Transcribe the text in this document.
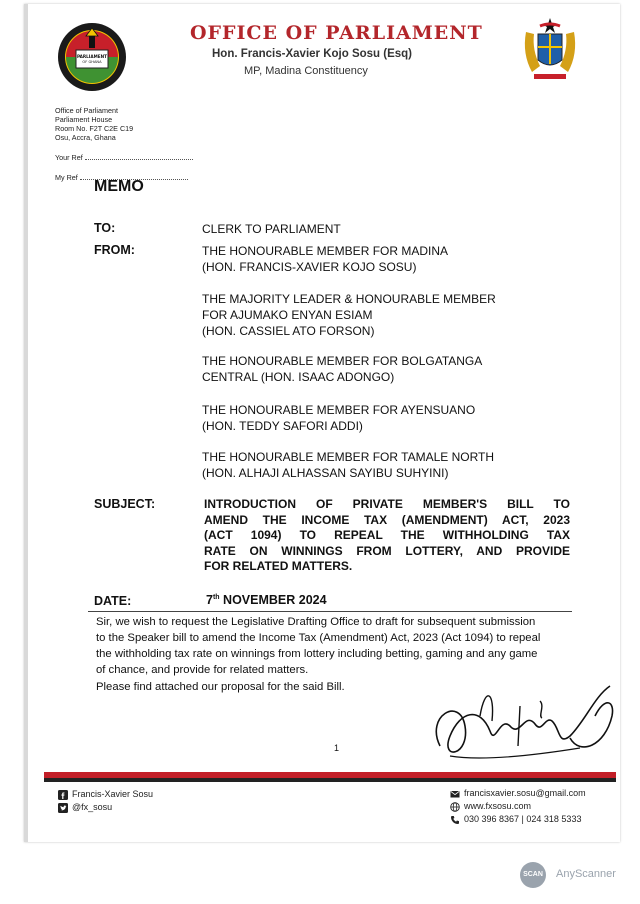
PARLIAMENT
OF GHANA
OFFICE OF PARLIAMENT
Hon. Francis-Xavier Kojo Sosu (Esq)
MP, Madina Constituency
Office of Parliament
Parliament House
Room No. F2T C2E C19
Osu, Accra, Ghana
Your Ref
My Ref
MEMO
TO:	CLERK TO PARLIAMENT
FROM:	THE HONOURABLE MEMBER FOR MADINA
(HON. FRANCIS-XAVIER KOJO SOSU)
THE MAJORITY LEADER & HONOURABLE MEMBER
FOR AJUMAKO ENYAN ESIAM
(HON. CASSIEL ATO FORSON)
THE HONOURABLE MEMBER FOR BOLGATANGA
CENTRAL (HON. ISAAC ADONGO)
THE HONOURABLE MEMBER FOR AYENSUANO
(HON. TEDDY SAFORI ADDI)
THE HONOURABLE MEMBER FOR TAMALE NORTH
(HON. ALHAJI ALHASSAN SAYIBU SUHYINI)
SUBJECT:	INTRODUCTION OF PRIVATE MEMBER'S BILL TO
AMEND THE INCOME TAX (AMENDMENT) ACT, 2023
(ACT 1094) TO REPEAL THE WITHHOLDING TAX
RATE ON WINNINGS FROM LOTTERY, AND PROVIDE
FOR RELATED MATTERS.
DATE:	7th NOVEMBER 2024
Sir, we wish to request the Legislative Drafting Office to draft for subsequent submission
to the Speaker bill to amend the Income Tax (Amendment) Act, 2023 (Act 1094) to repeal
the withholding tax rate on winnings from lottery including betting, gaming and any game
of chance, and provide for related matters.
Please find attached our proposal for the said Bill.
1
Francis-Xavier Sosu
@fx_sosu
francisxavier.sosu@gmail.com
www.fxsosu.com
030 396 8367 | 024 318 5333
SCAN AnyScanner
